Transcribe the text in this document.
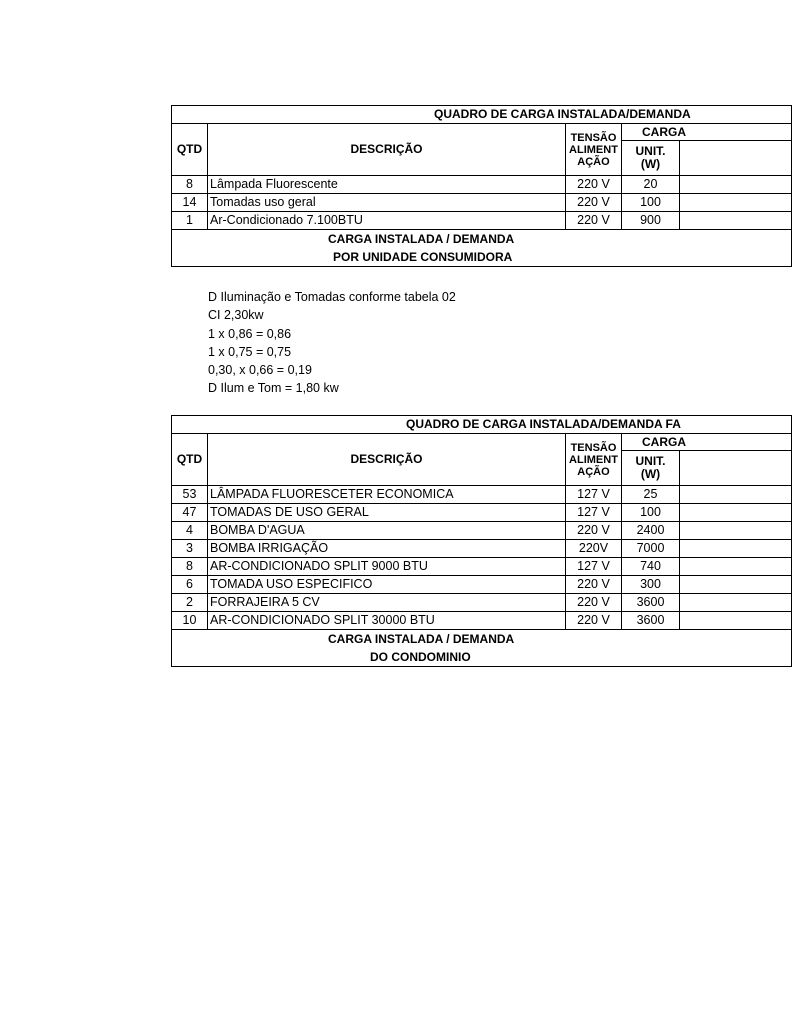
QUADRO DE CARGA INSTALADA/DEMANDA				
QTD	DESCRIÇÃO	TENSÃO
ALIMENT
AÇÃO	CARGA	

			UNIT.
(W)	

8	Lâmpada Fluorescente	220 V	20	
14	Tomadas uso geral	220 V	100	
1	Ar-Condicionado 7.100BTU	220 V	900	

CARGA INSTALADA / DEMANDA
POR UNIDADE CONSUMIDORA				
D Iluminação e Tomadas conforme tabela 02
CI 2,30kw
1 x 0,86 = 0,86
1 x 0,75 = 0,75
0,30, x 0,66 = 0,19
D Ilum e Tom = 1,80 kw
QUADRO DE CARGA INSTALADA/DEMANDA FA				
QTD	DESCRIÇÃO	TENSÃO
ALIMENT
AÇÃO	CARGA	

			UNIT.
(W)	

53	LÂMPADA FLUORESCETER ECONOMICA	127 V	25	
47	TOMADAS DE USO GERAL	127 V	100	
4	BOMBA D'AGUA	220 V	2400	
3	BOMBA IRRIGAÇÃO	220V	7000	
8	AR-CONDICIONADO SPLIT 9000 BTU	127 V	740	
6	TOMADA USO ESPECIFICO	220 V	300	
2	FORRAJEIRA 5 CV	220 V	3600	
10	AR-CONDICIONADO SPLIT 30000 BTU	220 V	3600	

CARGA INSTALADA / DEMANDA
DO CONDOMINIO				
